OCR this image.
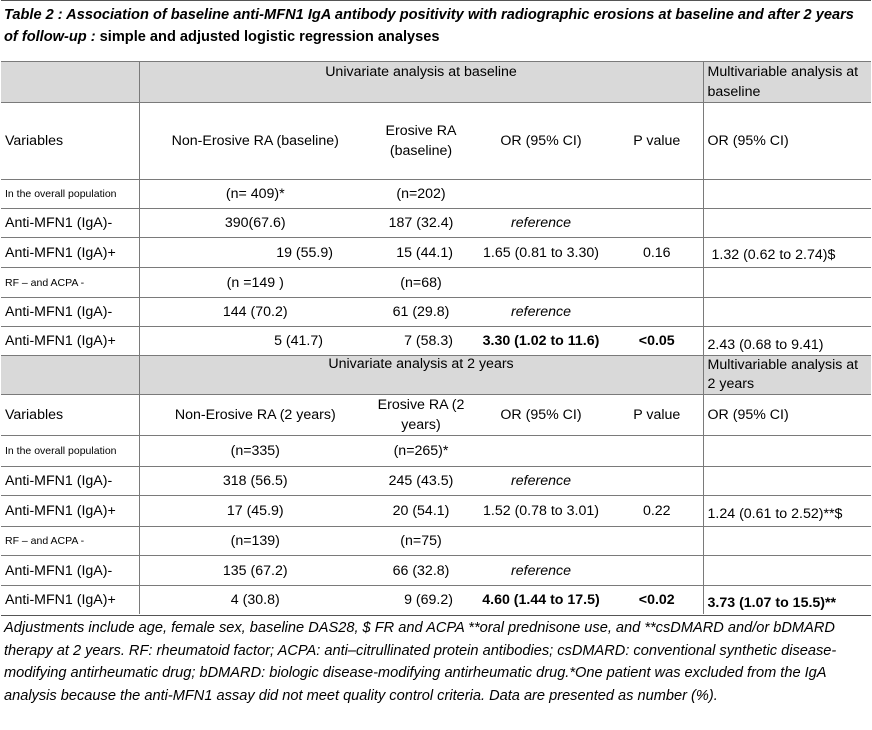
Table 2 : Association of baseline anti-MFN1 IgA antibody positivity with radiographic erosions at baseline and after 2 years of follow-up : simple and adjusted logistic regression analyses
	Univariate analysis at baseline				Multivariable analysis at baseline
Variables	Non-Erosive RA (baseline)	Erosive RA (baseline)	OR (95% CI)	P value	OR (95% CI)
In the overall population	(n= 409)*	(n=202)			
Anti-MFN1 (IgA)-	390(67.6)	187 (32.4)	reference		
Anti-MFN1 (IgA)+	19 (55.9)	15 (44.1)	1.65 (0.81 to 3.30)	0.16	1.32 (0.62 to 2.74)$
RF – and ACPA -	(n =149 )	(n=68)			
Anti-MFN1 (IgA)-	144 (70.2)	61 (29.8)	reference		
Anti-MFN1 (IgA)+	5 (41.7)	7 (58.3)	3.30 (1.02 to 11.6)	<0.05	2.43 (0.68 to 9.41)
	Univariate analysis at 2 years				Multivariable analysis at 2 years
Variables	Non-Erosive RA (2 years)	Erosive RA (2 years)	OR (95% CI)	P value	OR (95% CI)
In the overall population	(n=335)	(n=265)*			
Anti-MFN1 (IgA)-	318 (56.5)	245 (43.5)	reference		
Anti-MFN1 (IgA)+	17 (45.9)	20 (54.1)	1.52 (0.78 to 3.01)	0.22	1.24 (0.61 to 2.52)**$
RF – and ACPA -	(n=139)	(n=75)			
Anti-MFN1 (IgA)-	135 (67.2)	66 (32.8)	reference		
Anti-MFN1 (IgA)+	4 (30.8)	9 (69.2)	4.60 (1.44 to 17.5)	<0.02	3.73 (1.07 to 15.5)**
Adjustments include age, female sex, baseline DAS28, $ FR and ACPA **oral prednisone use, and **csDMARD and/or bDMARD therapy at 2 years. RF: rheumatoid factor; ACPA: anti–citrullinated protein antibodies; csDMARD: conventional synthetic disease-modifying antirheumatic drug; bDMARD: biologic disease-modifying antirheumatic drug.*One patient was excluded from the IgA analysis because the anti-MFN1 assay did not meet quality control criteria. Data are presented as number (%).
